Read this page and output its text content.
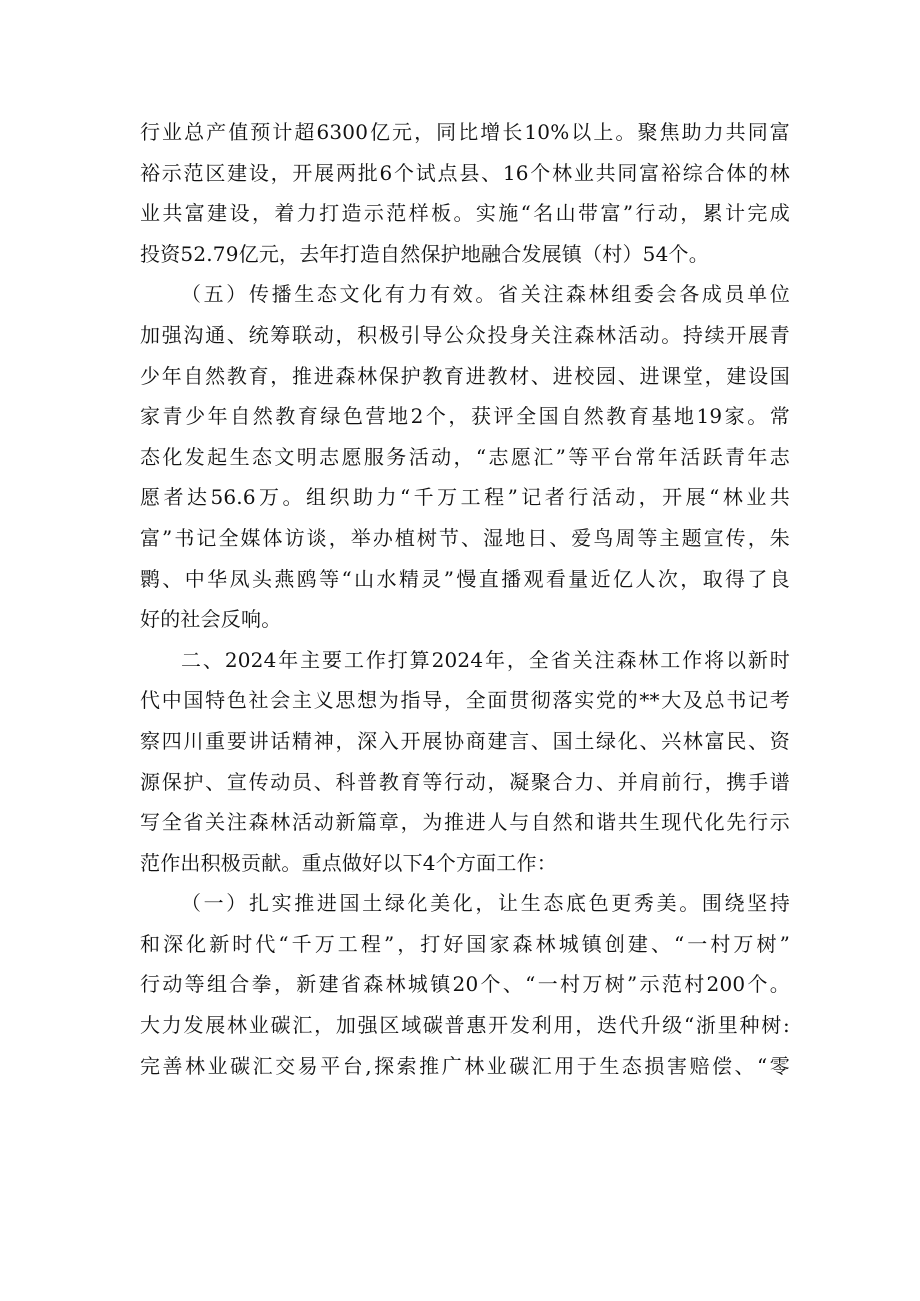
行业总产值预计超6300亿元，同比增长10%以上。聚焦助力共同富
裕示范区建设，开展两批6个试点县、16个林业共同富裕综合体的林
业共富建设，着力打造示范样板。实施“名山带富”行动，累计完成
投资52.79亿元，去年打造自然保护地融合发展镇（村）54个。
（五）传播生态文化有力有效。省关注森林组委会各成员单位
加强沟通、统筹联动，积极引导公众投身关注森林活动。持续开展青
少年自然教育，推进森林保护教育进教材、进校园、进课堂，建设国
家青少年自然教育绿色营地2个，获评全国自然教育基地19家。常
态化发起生态文明志愿服务活动，“志愿汇”等平台常年活跃青年志
愿者达56.6万。组织助力“千万工程”记者行活动，开展“林业共
富”书记全媒体访谈，举办植树节、湿地日、爱鸟周等主题宣传，朱
鹮、中华凤头燕鸥等“山水精灵”慢直播观看量近亿人次，取得了良
好的社会反响。
二、2024年主要工作打算2024年，全省关注森林工作将以新时
代中国特色社会主义思想为指导，全面贯彻落实党的**大及总书记考
察四川重要讲话精神，深入开展协商建言、国土绿化、兴林富民、资
源保护、宣传动员、科普教育等行动，凝聚合力、并肩前行，携手谱
写全省关注森林活动新篇章，为推进人与自然和谐共生现代化先行示
范作出积极贡献。重点做好以下4个方面工作：
（一）扎实推进国土绿化美化，让生态底色更秀美。围绕坚持
和深化新时代“千万工程”，打好国家森林城镇创建、“一村万树”
行动等组合拳，新建省森林城镇20个、“一村万树”示范村200个。
大力发展林业碳汇，加强区域碳普惠开发利用，迭代升级“浙里种树:
完善林业碳汇交易平台,探索推广林业碳汇用于生态损害赔偿、“零
